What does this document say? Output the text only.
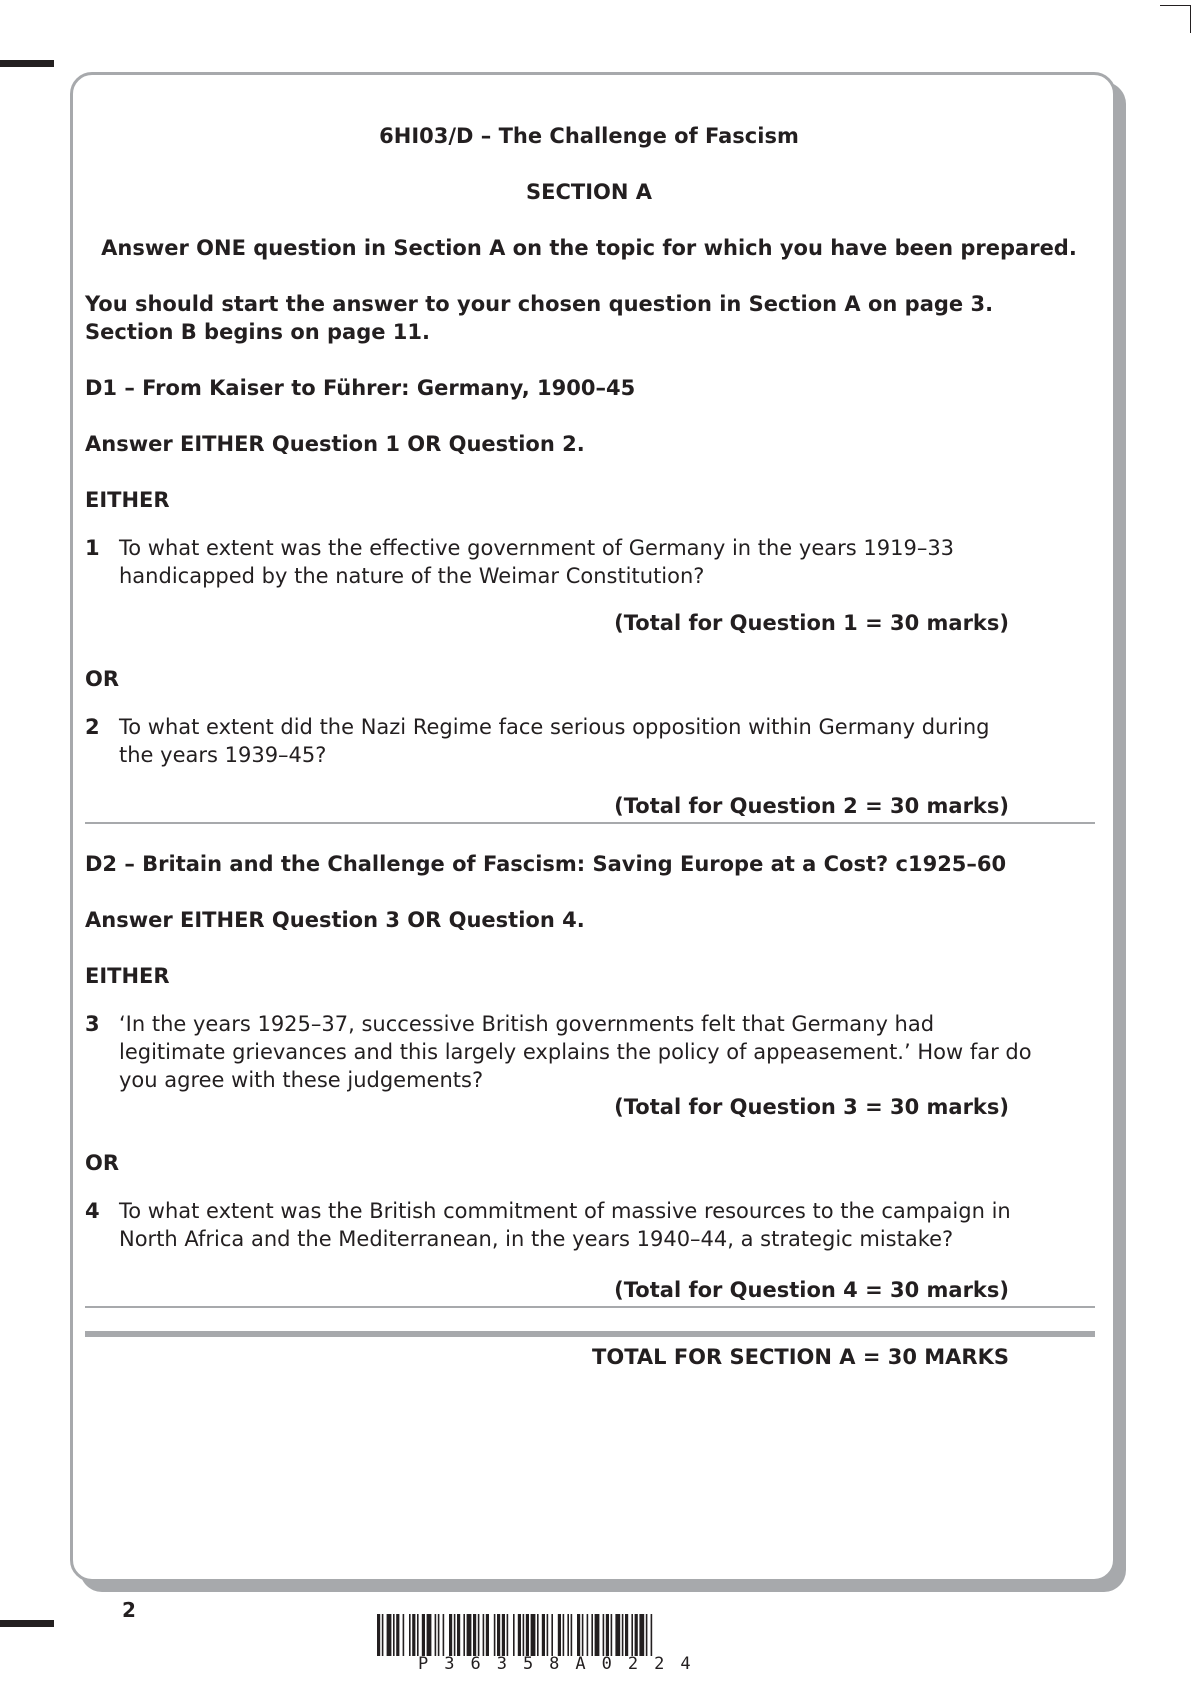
6HI03/D – The Challenge of Fascism
SECTION A
Answer ONE question in Section A on the topic for which you have been prepared.
You should start the answer to your chosen question in Section A on page 3.
Section B begins on page 11.
D1 – From Kaiser to Führer: Germany, 1900–45
Answer EITHER Question 1 OR Question 2.
EITHER
1 To what extent was the effective government of Germany in the years 1919–33
handicapped by the nature of the Weimar Constitution?
(Total for Question 1 = 30 marks)
OR
2 To what extent did the Nazi Regime face serious opposition within Germany during
the years 1939–45?
(Total for Question 2 = 30 marks)
D2 – Britain and the Challenge of Fascism: Saving Europe at a Cost? c1925–60
Answer EITHER Question 3 OR Question 4.
EITHER
3 ‘In the years 1925–37, successive British governments felt that Germany had
legitimate grievances and this largely explains the policy of appeasement.’ How far do
you agree with these judgements?
(Total for Question 3 = 30 marks)
OR
4 To what extent was the British commitment of massive resources to the campaign in
North Africa and the Mediterranean, in the years 1940–44, a strategic mistake?
(Total for Question 4 = 30 marks)
TOTAL FOR SECTION A = 30 MARKS
2
P36358A0224
